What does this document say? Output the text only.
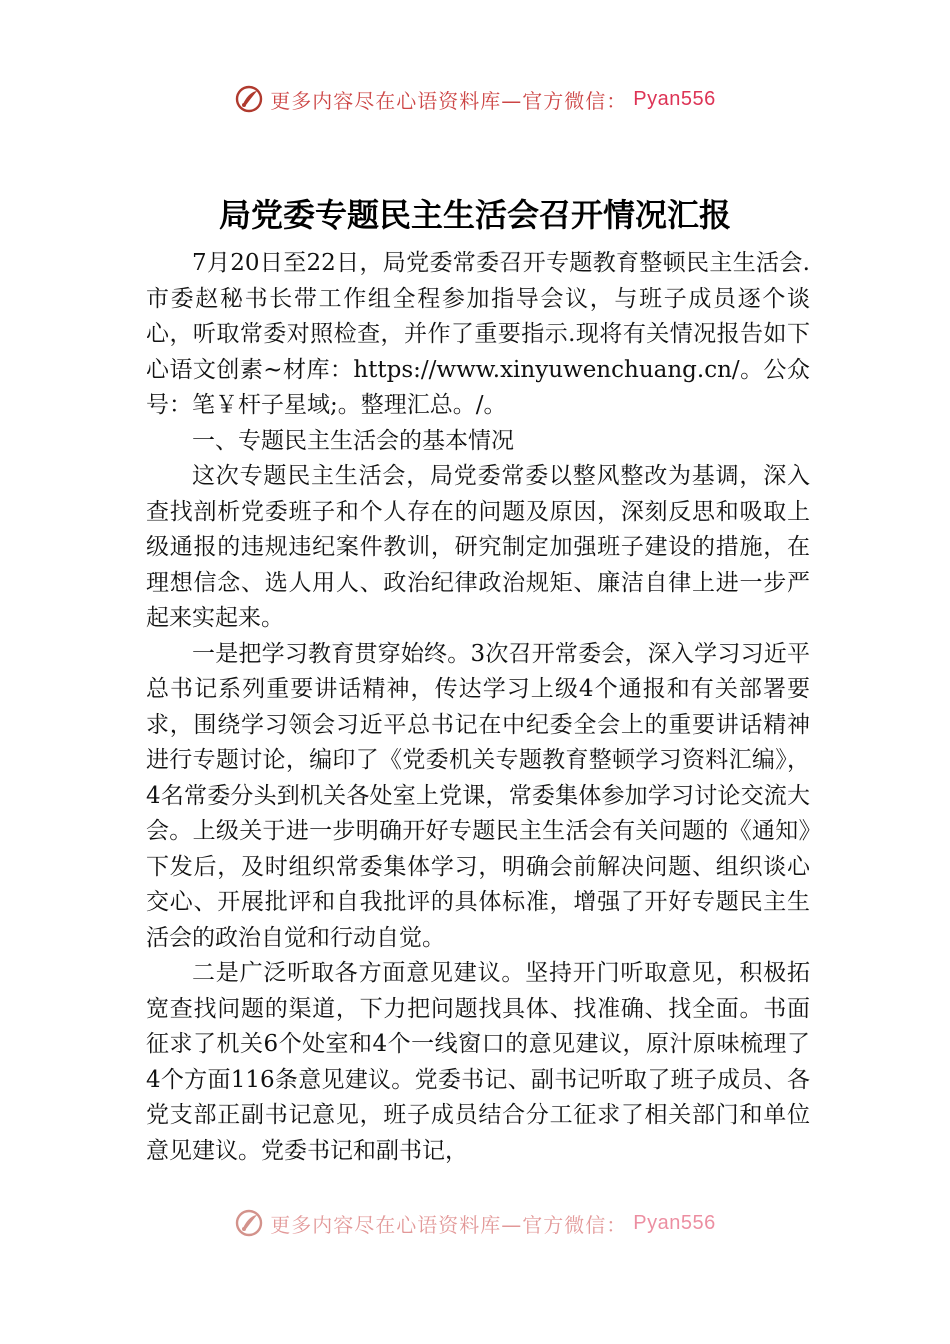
更多内容尽在心语资料库—官方微信： Pyan556
局党委专题民主生活会召开情况汇报

7月20日至22日，局党委常委召开专题教育整顿民主生活会.市委赵秘书长带工作组全程参加指导会议，与班子成员逐个谈心，听取常委对照检查，并作了重要指示.现将有关情况报告如下心语文创素~材库：https://www.xinyuwenchuang.cn/。公众号：笔￥杆子星域;。整理汇总。/。

一、专题民主生活会的基本情况

这次专题民主生活会，局党委常委以整风整改为基调，深入查找剖析党委班子和个人存在的问题及原因，深刻反思和吸取上级通报的违规违纪案件教训，研究制定加强班子建设的措施，在理想信念、选人用人、政治纪律政治规矩、廉洁自律上进一步严起来实起来。

一是把学习教育贯穿始终。3次召开常委会，深入学习习近平总书记系列重要讲话精神，传达学习上级4个通报和有关部署要求，围绕学习领会习近平总书记在中纪委全会上的重要讲话精神进行专题讨论，编印了《党委机关专题教育整顿学习资料汇编》，4名常委分头到机关各处室上党课，常委集体参加学习讨论交流大会。上级关于进一步明确开好专题民主生活会有关问题的《通知》下发后，及时组织常委集体学习，明确会前解决问题、组织谈心交心、开展批评和自我批评的具体标准，增强了开好专题民主生活会的政治自觉和行动自觉。

二是广泛听取各方面意见建议。坚持开门听取意见，积极拓宽查找问题的渠道，下力把问题找具体、找准确、找全面。书面征求了机关6个处室和4个一线窗口的意见建议，原汁原味梳理了4个方面116条意见建议。党委书记、副书记听取了班子成员、各党支部正副书记意见，班子成员结合分工征求了相关部门和单位意见建议。党委书记和副书记，

更多内容尽在心语资料库—官方微信： Pyan556
